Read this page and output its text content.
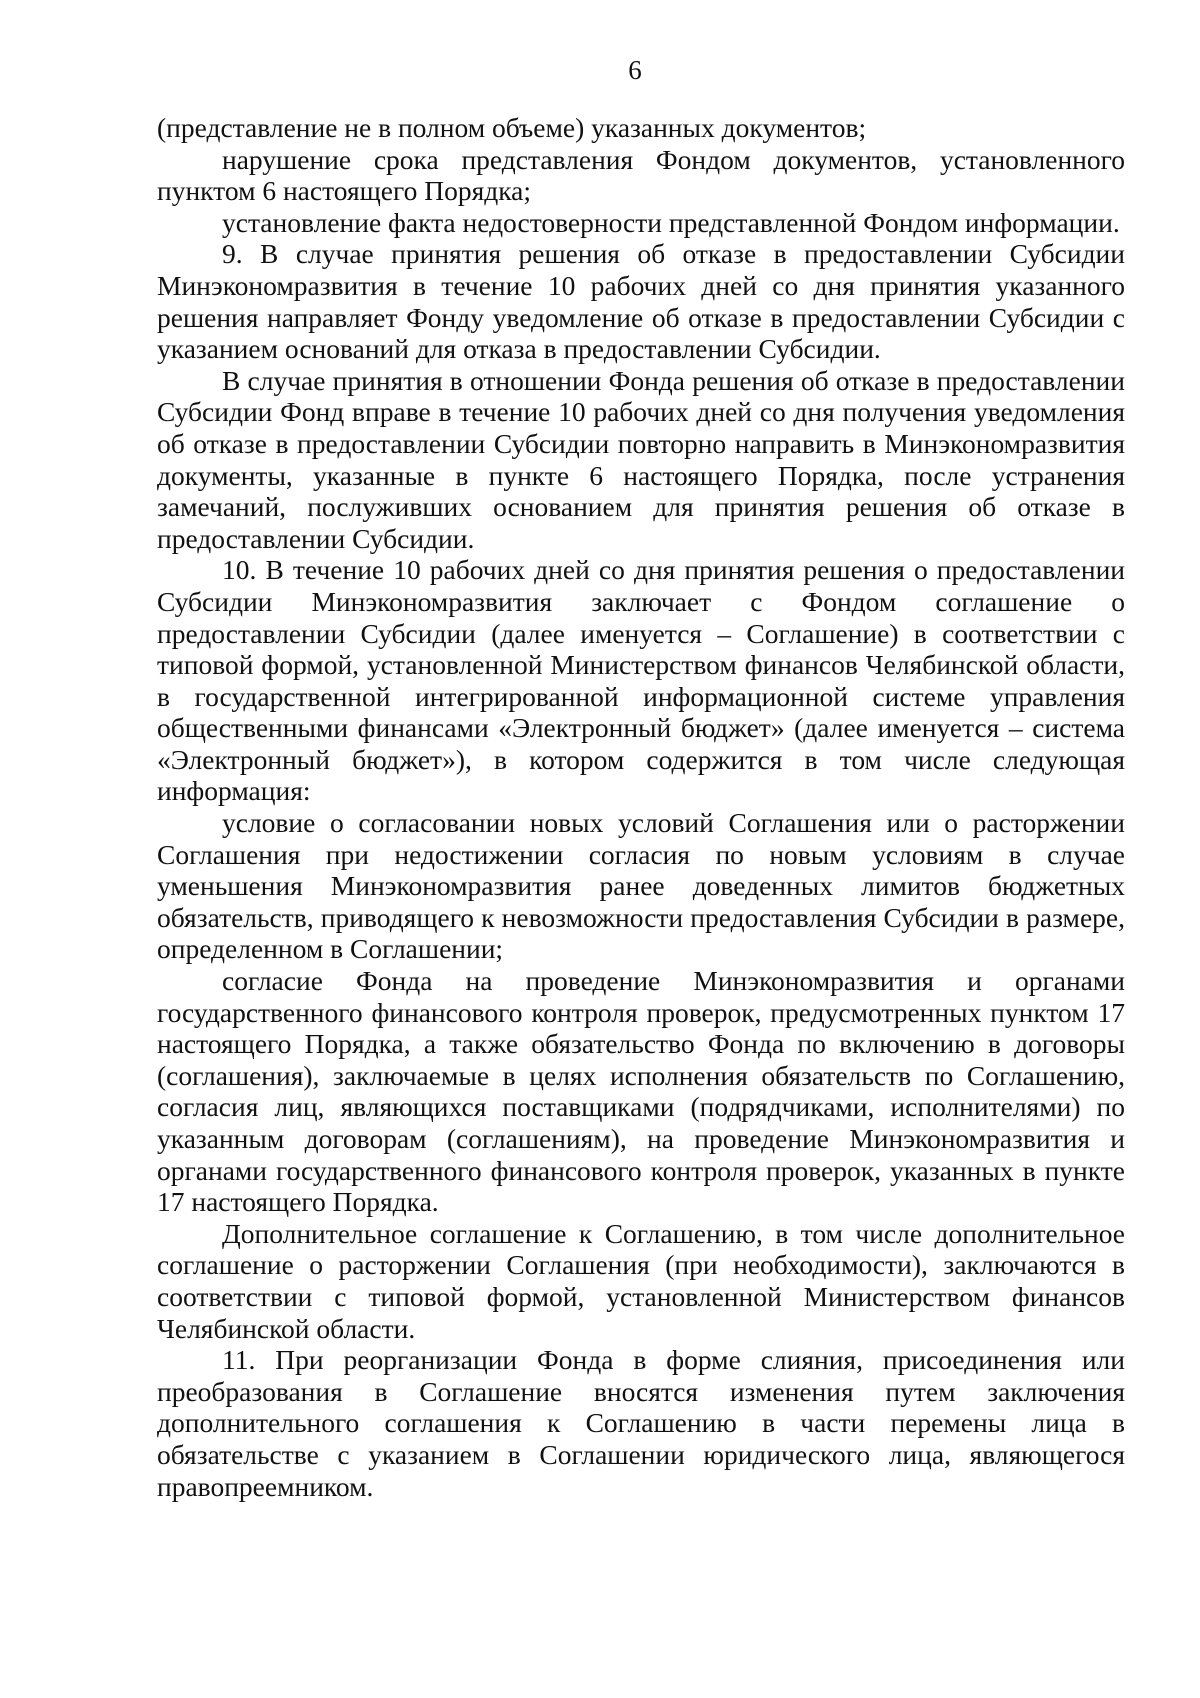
6

(представление не в полном объеме) указанных документов;

нарушение срока представления Фондом документов, установленного пунктом 6 настоящего Порядка;

установление факта недостоверности представленной Фондом информации.

9. В случае принятия решения об отказе в предоставлении Субсидии Минэкономразвития в течение 10 рабочих дней со дня принятия указанного решения направляет Фонду уведомление об отказе в предоставлении Субсидии с указанием оснований для отказа в предоставлении Субсидии.

В случае принятия в отношении Фонда решения об отказе в предоставлении Субсидии Фонд вправе в течение 10 рабочих дней со дня получения уведомления об отказе в предоставлении Субсидии повторно направить в Минэкономразвития документы, указанные в пункте 6 настоящего Порядка, после устранения замечаний, послуживших основанием для принятия решения об отказе в предоставлении Субсидии.

10. В течение 10 рабочих дней со дня принятия решения о предоставлении Субсидии Минэкономразвития заключает с Фондом соглашение о предоставлении Субсидии (далее именуется – Соглашение) в соответствии с типовой формой, установленной Министерством финансов Челябинской области, в государственной интегрированной информационной системе управления общественными финансами «Электронный бюджет» (далее именуется – система «Электронный бюджет»), в котором содержится в том числе следующая информация:

условие о согласовании новых условий Соглашения или о расторжении Соглашения при недостижении согласия по новым условиям в случае уменьшения Минэкономразвития ранее доведенных лимитов бюджетных обязательств, приводящего к невозможности предоставления Субсидии в размере, определенном в Соглашении;

согласие Фонда на проведение Минэкономразвития и органами государственного финансового контроля проверок, предусмотренных пунктом 17 настоящего Порядка, а также обязательство Фонда по включению в договоры (соглашения), заключаемые в целях исполнения обязательств по Соглашению, согласия лиц, являющихся поставщиками (подрядчиками, исполнителями) по указанным договорам (соглашениям), на проведение Минэкономразвития и органами государственного финансового контроля проверок, указанных в пункте 17 настоящего Порядка.

Дополнительное соглашение к Соглашению, в том числе дополнительное соглашение о расторжении Соглашения (при необходимости), заключаются в соответствии с типовой формой, установленной Министерством финансов Челябинской области.

11. При реорганизации Фонда в форме слияния, присоединения или преобразования в Соглашение вносятся изменения путем заключения дополнительного соглашения к Соглашению в части перемены лица в обязательстве с указанием в Соглашении юридического лица, являющегося правопреемником.
